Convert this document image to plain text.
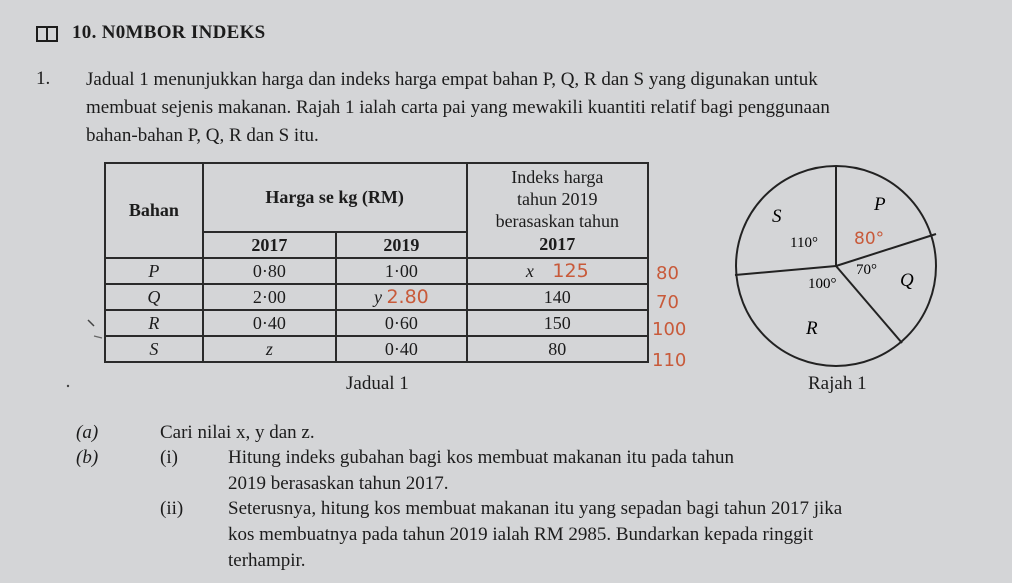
10. N0MBOR INDEKS
1. Jadual 1 menunjukkan harga dan indeks harga empat bahan P, Q, R dan S yang digunakan untuk
membuat sejenis makanan. Rajah 1 ialah carta pai yang mewakili kuantiti relatif bagi penggunaan
bahan-bahan P, Q, R dan S itu.
Bahan	Harga se kg (RM)		Indeks harga
tahun 2019
berasaskan tahun

	2017	2019	2017
P	0·80	1·00	x 125
Q	2·00	y 2.80	140
R	0·40	0·60	150
S	z	0·40	80
80
70
100
110
Jadual 1
S
P
Q
R
110° 80°
70°
100°
Rajah 1
(a)	Cari nilai x, y dan z.
(b)	(i)	Hitung indeks gubahan bagi kos membuat makanan itu pada tahun
2019 berasaskan tahun 2017.
(ii) Seterusnya, hitung kos membuat makanan itu yang sepadan bagi tahun 2017 jika
kos membuatnya pada tahun 2019 ialah RM 2985. Bundarkan kepada ringgit
terhampir.
